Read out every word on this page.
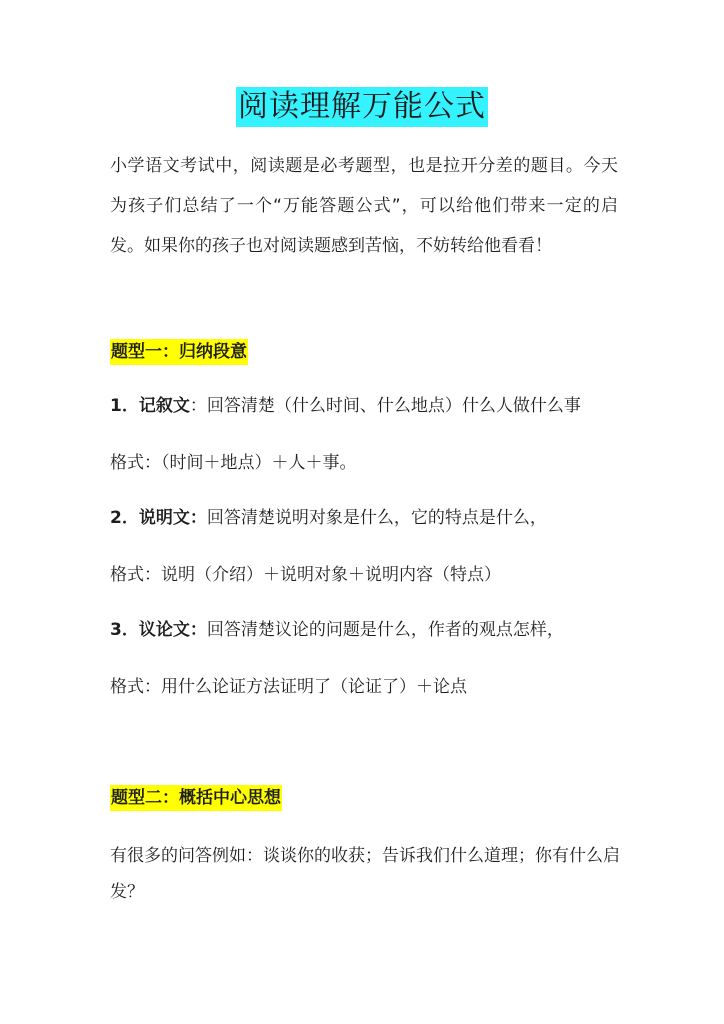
阅读理解万能公式

小学语文考试中，阅读题是必考题型，也是拉开分差的题目。今天为孩子们总结了一个“万能答题公式”，可以给他们带来一定的启发。如果你的孩子也对阅读题感到苦恼，不妨转给他看看！

题型一：归纳段意

1．记叙文：回答清楚（什么时间、什么地点）什么人做什么事

格式：（时间＋地点）＋人＋事。

2．说明文：回答清楚说明对象是什么，它的特点是什么，

格式：说明（介绍）＋说明对象＋说明内容（特点）

3．议论文：回答清楚议论的问题是什么，作者的观点怎样，

格式：用什么论证方法证明了（论证了）＋论点

题型二：概括中心思想

有很多的问答例如：谈谈你的收获；告诉我们什么道理；你有什么启发？
